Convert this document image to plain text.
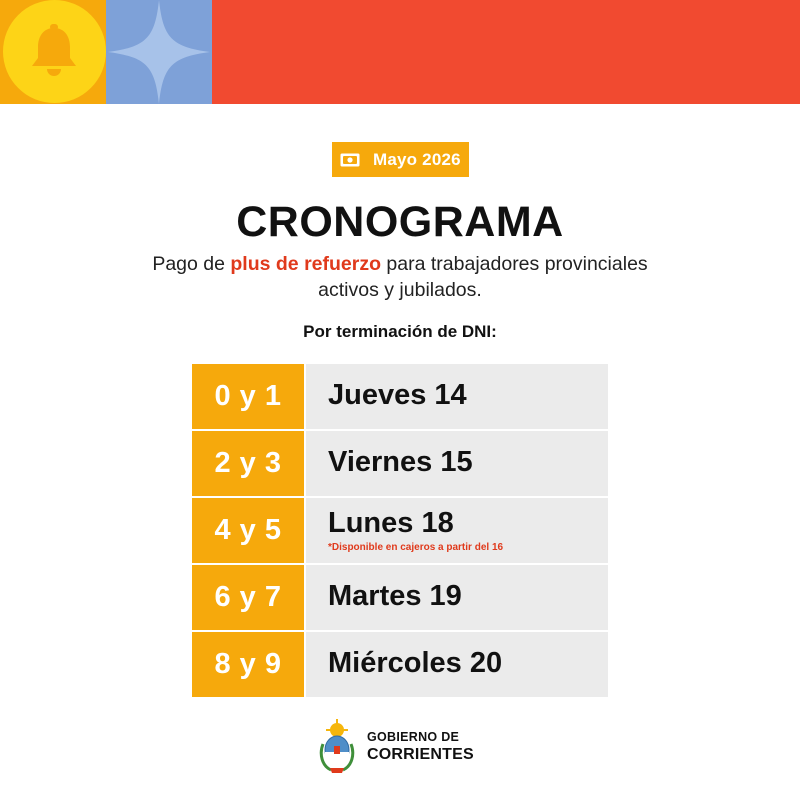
Mayo 2026
CRONOGRAMA
Pago de plus de refuerzo para trabajadores provinciales activos y jubilados.
Por terminación de DNI:
0 y 1	Jueves 14
2 y 3	Viernes 15
4 y 5	Lunes 18
*Disponible en cajeros a partir del 16
6 y 7	Martes 19
8 y 9	Miércoles 20
GOBIERNO DE
CORRIENTES
